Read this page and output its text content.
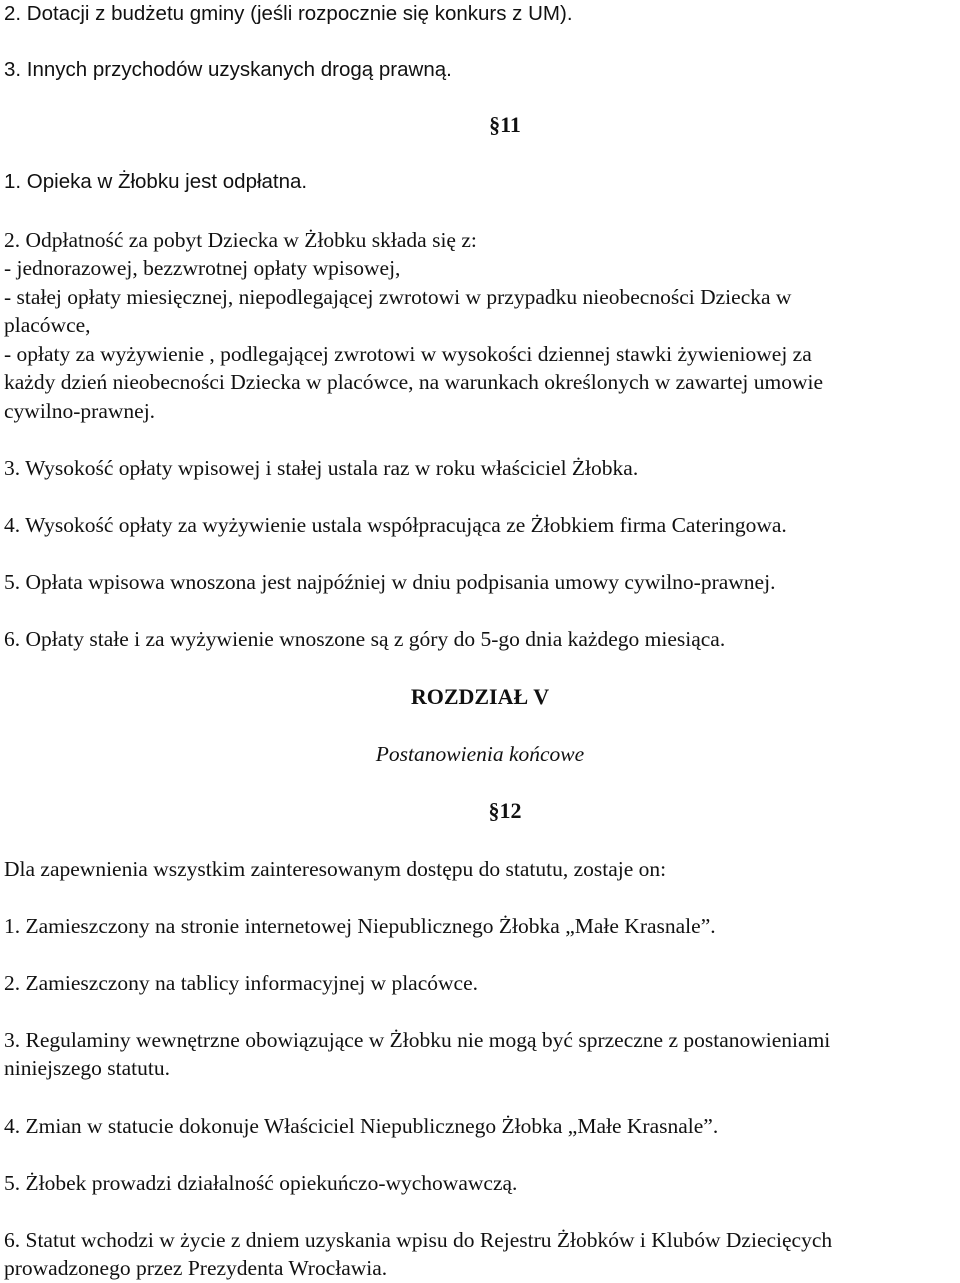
2. Dotacji z budżetu gminy (jeśli rozpocznie się konkurs z UM).
3. Innych przychodów uzyskanych drogą prawną.
§11
1. Opieka w Żłobku jest odpłatna.
2. Odpłatność za pobyt Dziecka w Żłobku składa się z:
- jednorazowej, bezzwrotnej opłaty wpisowej,
- stałej opłaty miesięcznej, niepodlegającej zwrotowi w przypadku nieobecności Dziecka w
placówce,
- opłaty za wyżywienie , podlegającej zwrotowi w wysokości dziennej stawki żywieniowej za
każdy dzień nieobecności Dziecka w placówce, na warunkach określonych w zawartej umowie
cywilno-prawnej.
3. Wysokość opłaty wpisowej i stałej ustala raz w roku właściciel Żłobka.
4. Wysokość opłaty za wyżywienie ustala współpracująca ze Żłobkiem firma Cateringowa.
5. Opłata wpisowa wnoszona jest najpóźniej w dniu podpisania umowy cywilno-prawnej.
6. Opłaty stałe i za wyżywienie wnoszone są z góry do 5-go dnia każdego miesiąca.
ROZDZIAŁ V
Postanowienia końcowe
§12
Dla zapewnienia wszystkim zainteresowanym dostępu do statutu, zostaje on:
1. Zamieszczony na stronie internetowej Niepublicznego Żłobka „Małe Krasnale”.
2. Zamieszczony na tablicy informacyjnej w placówce.
3. Regulaminy wewnętrzne obowiązujące w Żłobku nie mogą być sprzeczne z postanowieniami
niniejszego statutu.
4. Zmian w statucie dokonuje Właściciel Niepublicznego Żłobka „Małe Krasnale”.
5. Żłobek prowadzi działalność opiekuńczo-wychowawczą.
6. Statut wchodzi w życie z dniem uzyskania wpisu do Rejestru Żłobków i Klubów Dziecięcych
prowadzonego przez Prezydenta Wrocławia.
